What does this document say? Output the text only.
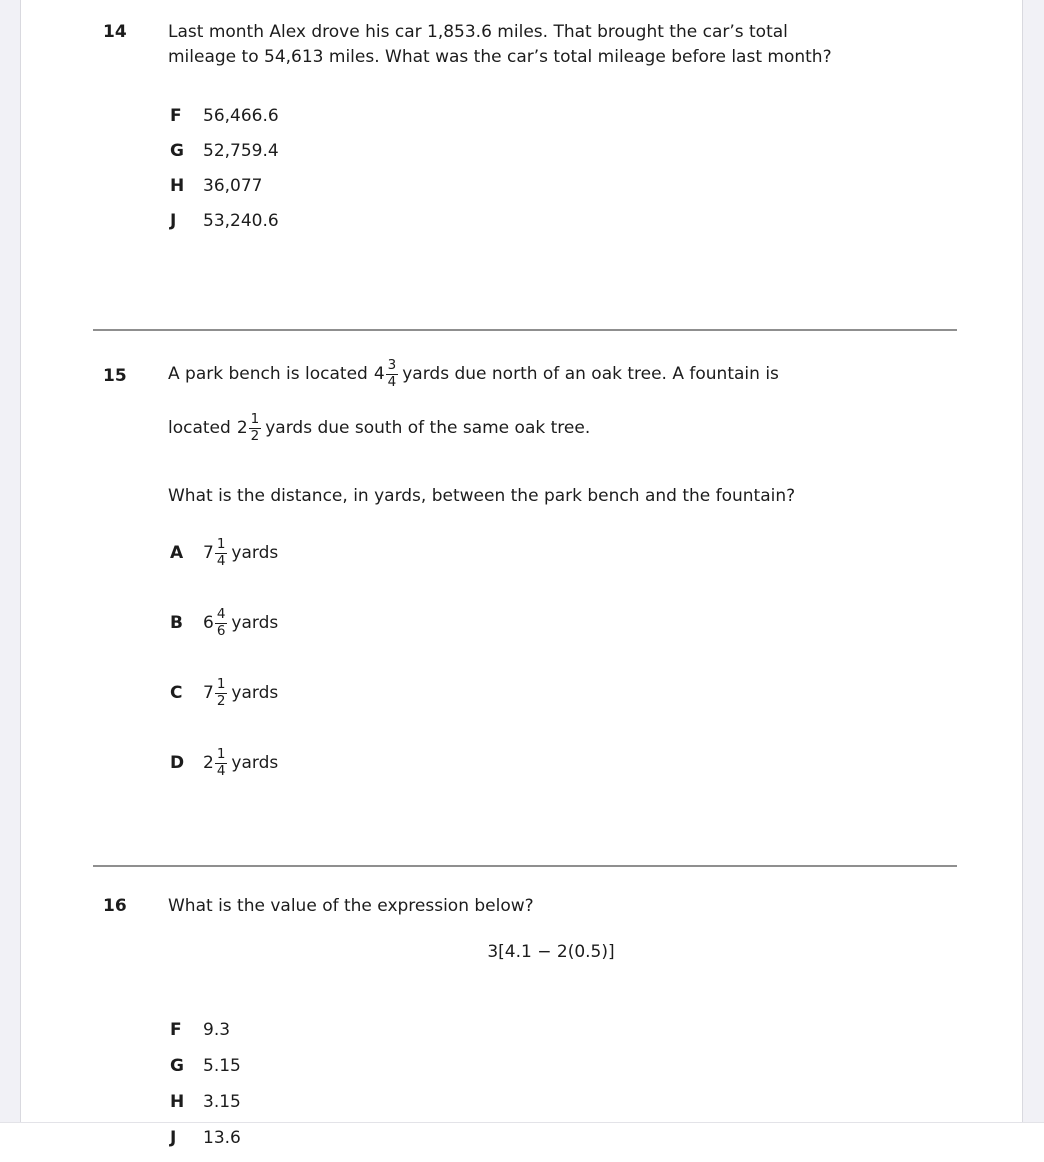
14	Last month Alex drove his car 1,853.6 miles. That brought the car’s total
mileage to 54,613 miles. What was the car’s total mileage before last month?
F	56,466.6
G	52,759.4
H	36,077
J	53,240.6
15	A park bench is located $4 \frac{3}{4}$ yards due north of an oak tree. A fountain is
located $2 \frac{1}{2}$ yards due south of the same oak tree.
What is the distance, in yards, between the park bench and the fountain?
A	$7 \frac{1}{4}$ yards
B	$6 \frac{4}{6}$ yards
C	$7 \frac{1}{2}$ yards
D	$2 \frac{1}{4}$ yards
16	What is the value of the expression below?
3[4.1 − 2(0.5)]
F	9.3
G	5.15
H	3.15
J	13.6
